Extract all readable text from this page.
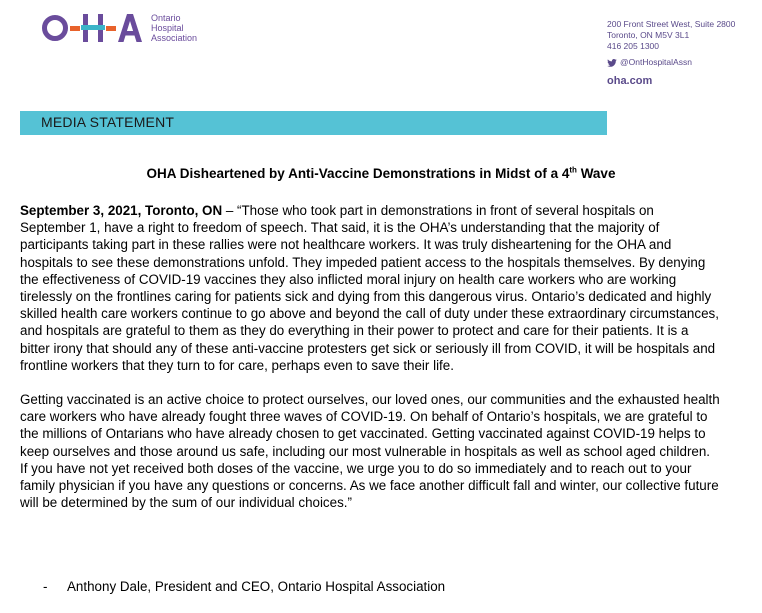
Ontario
Hospital
Association
200 Front Street West, Suite 2800
Toronto, ON M5V 3L1
416 205 1300
@OntHospitalAssn
oha.com
MEDIA STATEMENT
OHA Disheartened by Anti-Vaccine Demonstrations in Midst of a 4th Wave

September 3, 2021, Toronto, ON – “Those who took part in demonstrations in front of several hospitals on September 1, have a right to freedom of speech. That said, it is the OHA’s understanding that the majority of participants taking part in these rallies were not healthcare workers. It was truly disheartening for the OHA and hospitals to see these demonstrations unfold. They impeded patient access to the hospitals themselves. By denying the effectiveness of COVID-19 vaccines they also inflicted moral injury on health care workers who are working tirelessly on the frontlines caring for patients sick and dying from this dangerous virus. Ontario’s dedicated and highly skilled health care workers continue to go above and beyond the call of duty under these extraordinary circumstances, and hospitals are grateful to them as they do everything in their power to protect and care for their patients. It is a bitter irony that should any of these anti-vaccine protesters get sick or seriously ill from COVID, it will be hospitals and frontline workers that they turn to for care, perhaps even to save their life.

Getting vaccinated is an active choice to protect ourselves, our loved ones, our communities and the exhausted health care workers who have already fought three waves of COVID-19. On behalf of Ontario’s hospitals, we are grateful to the millions of Ontarians who have already chosen to get vaccinated. Getting vaccinated against COVID-19 helps to keep ourselves and those around us safe, including our most vulnerable in hospitals as well as school aged children. If you have not yet received both doses of the vaccine, we urge you to do so immediately and to reach out to your family physician if you have any questions or concerns. As we face another difficult fall and winter, our collective future will be determined by the sum of our individual choices.”

-	Anthony Dale, President and CEO, Ontario Hospital Association
